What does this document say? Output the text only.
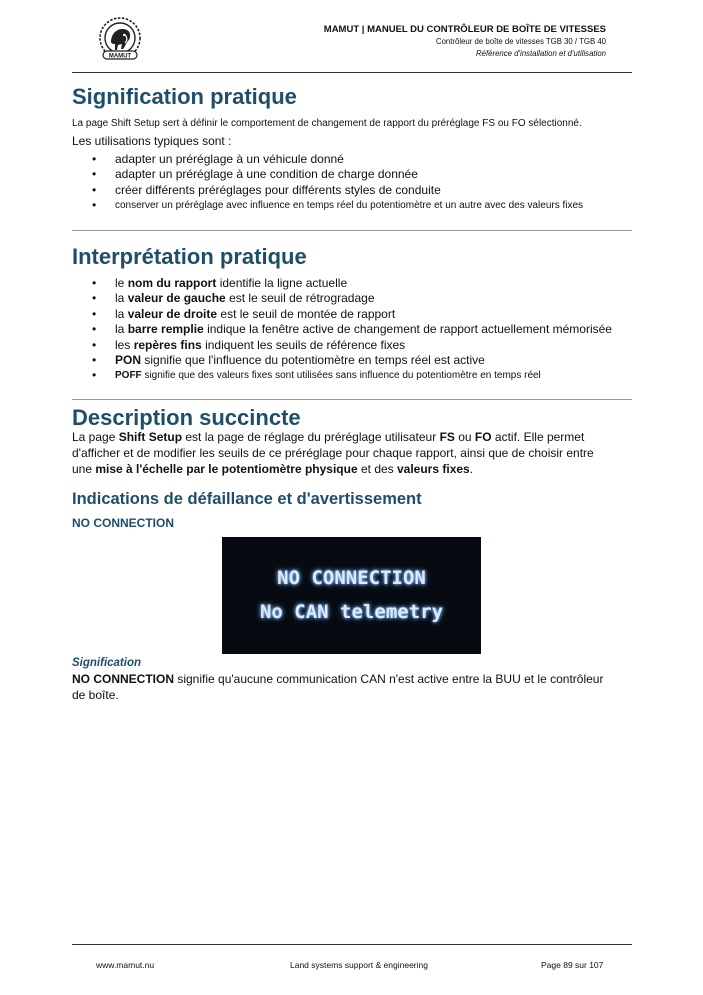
MAMUT
MAMUT | MANUEL DU CONTRÔLEUR DE BOÎTE DE VITESSES
Contrôleur de boîte de vitesses TGB 30 / TGB 40
Référence d'installation et d'utilisation
Signification pratique
La page Shift Setup sert à définir le comportement de changement de rapport du préréglage FS ou FO sélectionné.
Les utilisations typiques sont :
• adapter un préréglage à un véhicule donné
• adapter un préréglage à une condition de charge donnée
• créer différents préréglages pour différents styles de conduite
• conserver un préréglage avec influence en temps réel du potentiomètre et un autre avec des valeurs fixes
Interprétation pratique
• le nom du rapport identifie la ligne actuelle
• la valeur de gauche est le seuil de rétrogradage
• la valeur de droite est le seuil de montée de rapport
• la barre remplie indique la fenêtre active de changement de rapport actuellement mémorisée
• les repères fins indiquent les seuils de référence fixes
• PON signifie que l'influence du potentiomètre en temps réel est active
• POFF signifie que des valeurs fixes sont utilisées sans influence du potentiomètre en temps réel
Description succincte
La page Shift Setup est la page de réglage du préréglage utilisateur FS ou FO actif. Elle permet
d'afficher et de modifier les seuils de ce préréglage pour chaque rapport, ainsi que de choisir entre
une mise à l'échelle par le potentiomètre physique et des valeurs fixes.
Indications de défaillance et d'avertissement
NO CONNECTION
NO CONNECTION
No CAN telemetry
Signification
NO CONNECTION signifie qu'aucune communication CAN n'est active entre la BUU et le contrôleur
de boîte.
www.mamut.nu	Land systems support & engineering	Page 89 sur 107
